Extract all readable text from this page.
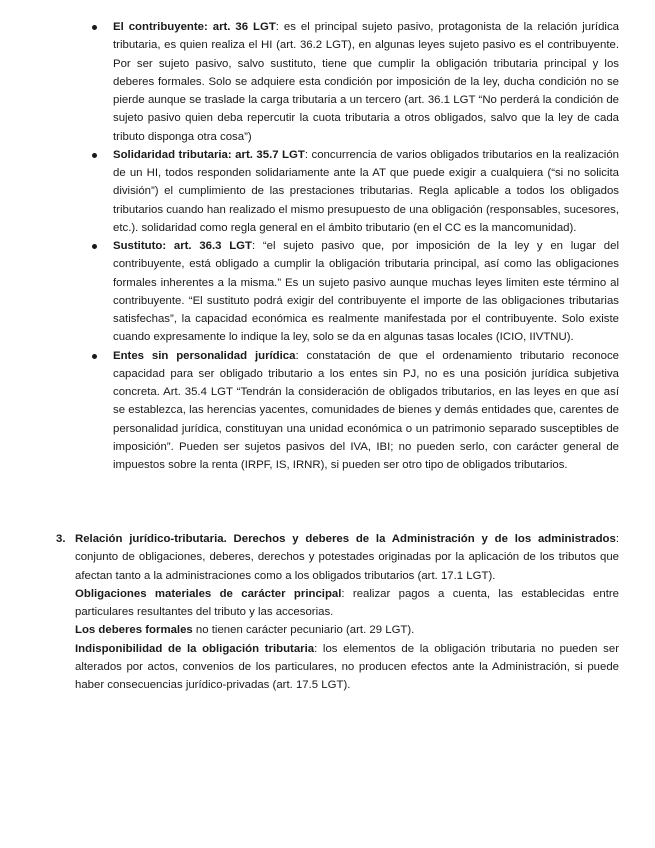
El contribuyente: art. 36 LGT: es el principal sujeto pasivo, protagonista de la relación jurídica tributaria, es quien realiza el HI (art. 36.2 LGT), en algunas leyes sujeto pasivo es el contribuyente. Por ser sujeto pasivo, salvo sustituto, tiene que cumplir la obligación tributaria principal y los deberes formales. Solo se adquiere esta condición por imposición de la ley, ducha condición no se pierde aunque se traslade la carga tributaria a un tercero (art. 36.1 LGT “No perderá la condición de sujeto pasivo quien deba repercutir la cuota tributaria a otros obligados, salvo que la ley de cada tributo disponga otra cosa”)
Solidaridad tributaria: art. 35.7 LGT: concurrencia de varios obligados tributarios en la realización de un HI, todos responden solidariamente ante la AT que puede exigir a cualquiera (“si no solicita división”) el cumplimiento de las prestaciones tributarias. Regla aplicable a todos los obligados tributarios cuando han realizado el mismo presupuesto de una obligación (responsables, sucesores, etc.). solidaridad como regla general en el ámbito tributario (en el CC es la mancomunidad).
Sustituto: art. 36.3 LGT: “el sujeto pasivo que, por imposición de la ley y en lugar del contribuyente, está obligado a cumplir la obligación tributaria principal, así como las obligaciones formales inherentes a la misma.” Es un sujeto pasivo aunque muchas leyes limiten este término al contribuyente. “El sustituto podrá exigir del contribuyente el importe de las obligaciones tributarias satisfechas”, la capacidad económica es realmente manifestada por el contribuyente. Solo existe cuando expresamente lo indique la ley, solo se da en algunas tasas locales (ICIO, IIVTNU).
Entes sin personalidad jurídica: constatación de que el ordenamiento tributario reconoce capacidad para ser obligado tributario a los entes sin PJ, no es una posición jurídica subjetiva concreta. Art. 35.4 LGT “Tendrán la consideración de obligados tributarios, en las leyes en que así se establezca, las herencias yacentes, comunidades de bienes y demás entidades que, carentes de personalidad jurídica, constituyan una unidad económica o un patrimonio separado susceptibles de imposición”. Pueden ser sujetos pasivos del IVA, IBI; no pueden serlo, con carácter general de impuestos sobre la renta (IRPF, IS, IRNR), si pueden ser otro tipo de obligados tributarios.
3. Relación jurídico-tributaria. Derechos y deberes de la Administración y de los administrados: conjunto de obligaciones, deberes, derechos y potestades originadas por la aplicación de los tributos que afectan tanto a la administraciones como a los obligados tributarios (art. 17.1 LGT).

Obligaciones materiales de carácter principal: realizar pagos a cuenta, las establecidas entre particulares resultantes del tributo y las accesorias.

Los deberes formales no tienen carácter pecuniario (art. 29 LGT).

Indisponibilidad de la obligación tributaria: los elementos de la obligación tributaria no pueden ser alterados por actos, convenios de los particulares, no producen efectos ante la Administración, si puede haber consecuencias jurídico-privadas (art. 17.5 LGT).
